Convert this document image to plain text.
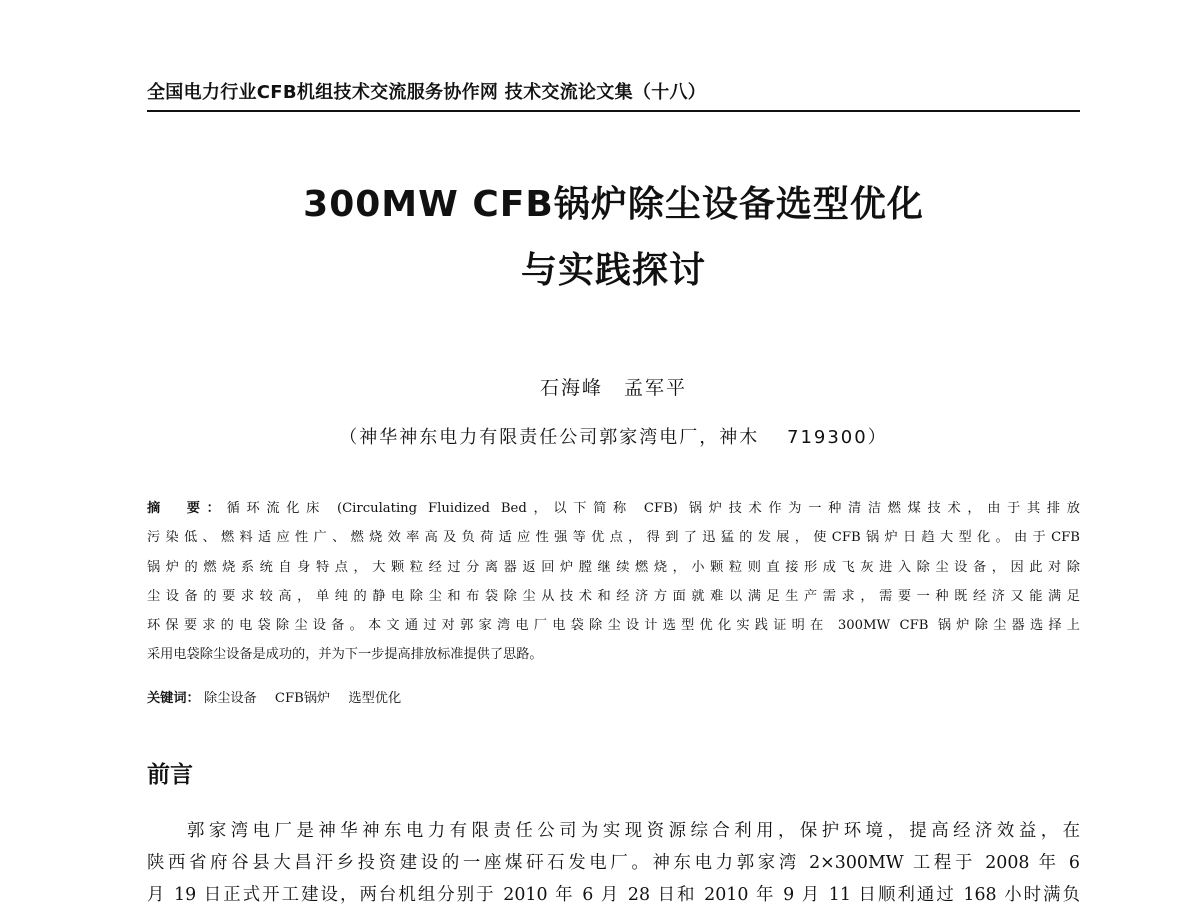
全国电力行业CFB机组技术交流服务协作网 技术交流论文集（十八）
300MW CFB锅炉除尘设备选型优化
与实践探讨
石海峰　孟军平
（神华神东电力有限责任公司郭家湾电厂，神木　 719300）
摘　要：循环流化床 (Circulating Fluidized Bed，以下简称 CFB) 锅炉技术作为一种清洁燃煤技术，由于其排放
污染低、燃料适应性广、燃烧效率高及负荷适应性强等优点，得到了迅猛的发展，使CFB锅炉日趋大型化。由于CFB
锅炉的燃烧系统自身特点，大颗粒经过分离器返回炉膛继续燃烧，小颗粒则直接形成飞灰进入除尘设备，因此对除
尘设备的要求较高，单纯的静电除尘和布袋除尘从技术和经济方面就难以满足生产需求，需要一种既经济又能满足
环保要求的电袋除尘设备。本文通过对郭家湾电厂电袋除尘设计选型优化实践证明在 300MW CFB 锅炉除尘器选择上
采用电袋除尘设备是成功的，并为下一步提高排放标准提供了思路。
关键词： 除尘设备 CFB锅炉 选型优化
前言
郭家湾电厂是神华神东电力有限责任公司为实现资源综合利用，保护环境，提高经济效益，在
陕西省府谷县大昌汗乡投资建设的一座煤矸石发电厂。神东电力郭家湾 2×300MW 工程于 2008 年 6
月 19 日正式开工建设，两台机组分别于 2010 年 6 月 28 日和 2010 年 9 月 11 日顺利通过 168 小时满负
